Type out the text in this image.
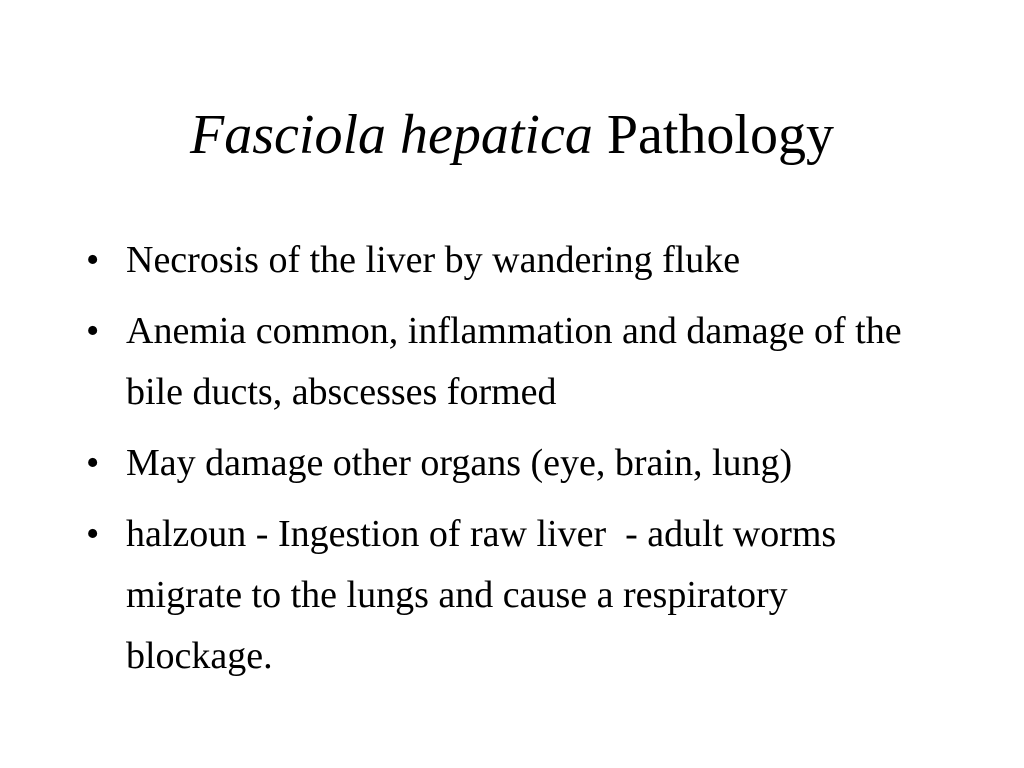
Fasciola hepatica Pathology
• Necrosis of the liver by wandering fluke
• Anemia common, inflammation and damage of the bile ducts, abscesses formed
• May damage other organs (eye, brain, lung)
• halzoun - Ingestion of raw liver  - adult worms migrate to the lungs and cause a respiratory blockage.
